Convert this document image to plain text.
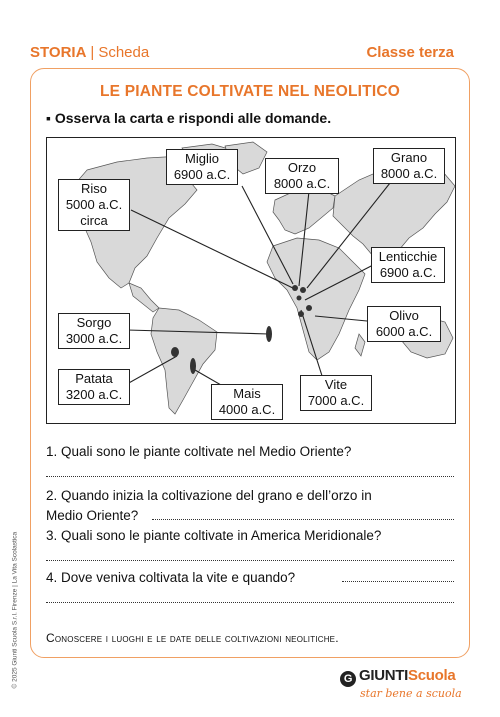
STORIA | Scheda	Classe terza
LE PIANTE COLTIVATE NEL NEOLITICO
▪ Osserva la carta e rispondi alle domande.
Miglio
6900 a.C.	Orzo
8000 a.C.
Grano
8000 a.C.
Riso
5000 a.C.
circa
Lenticchie
6900 a.C.
Sorgo
3000 a.C.
Olivo
6000 a.C.
Patata
3200 a.C.	Mais
4000 a.C.
Vite
7000 a.C.
1. Quali sono le piante coltivate nel Medio Oriente?
2. Quando inizia la coltivazione del grano e dell’orzo in
Medio Oriente?
3. Quali sono le piante coltivate in America Meridionale?
4. Dove veniva coltivata la vite e quando?
Conoscere i luoghi e le date delle coltivazioni neolitiche.
© 2025 Giunti Scuola S.r.l. Firenze | La Vita Scolastica	G GIUNTIScuola
star bene a scuola
